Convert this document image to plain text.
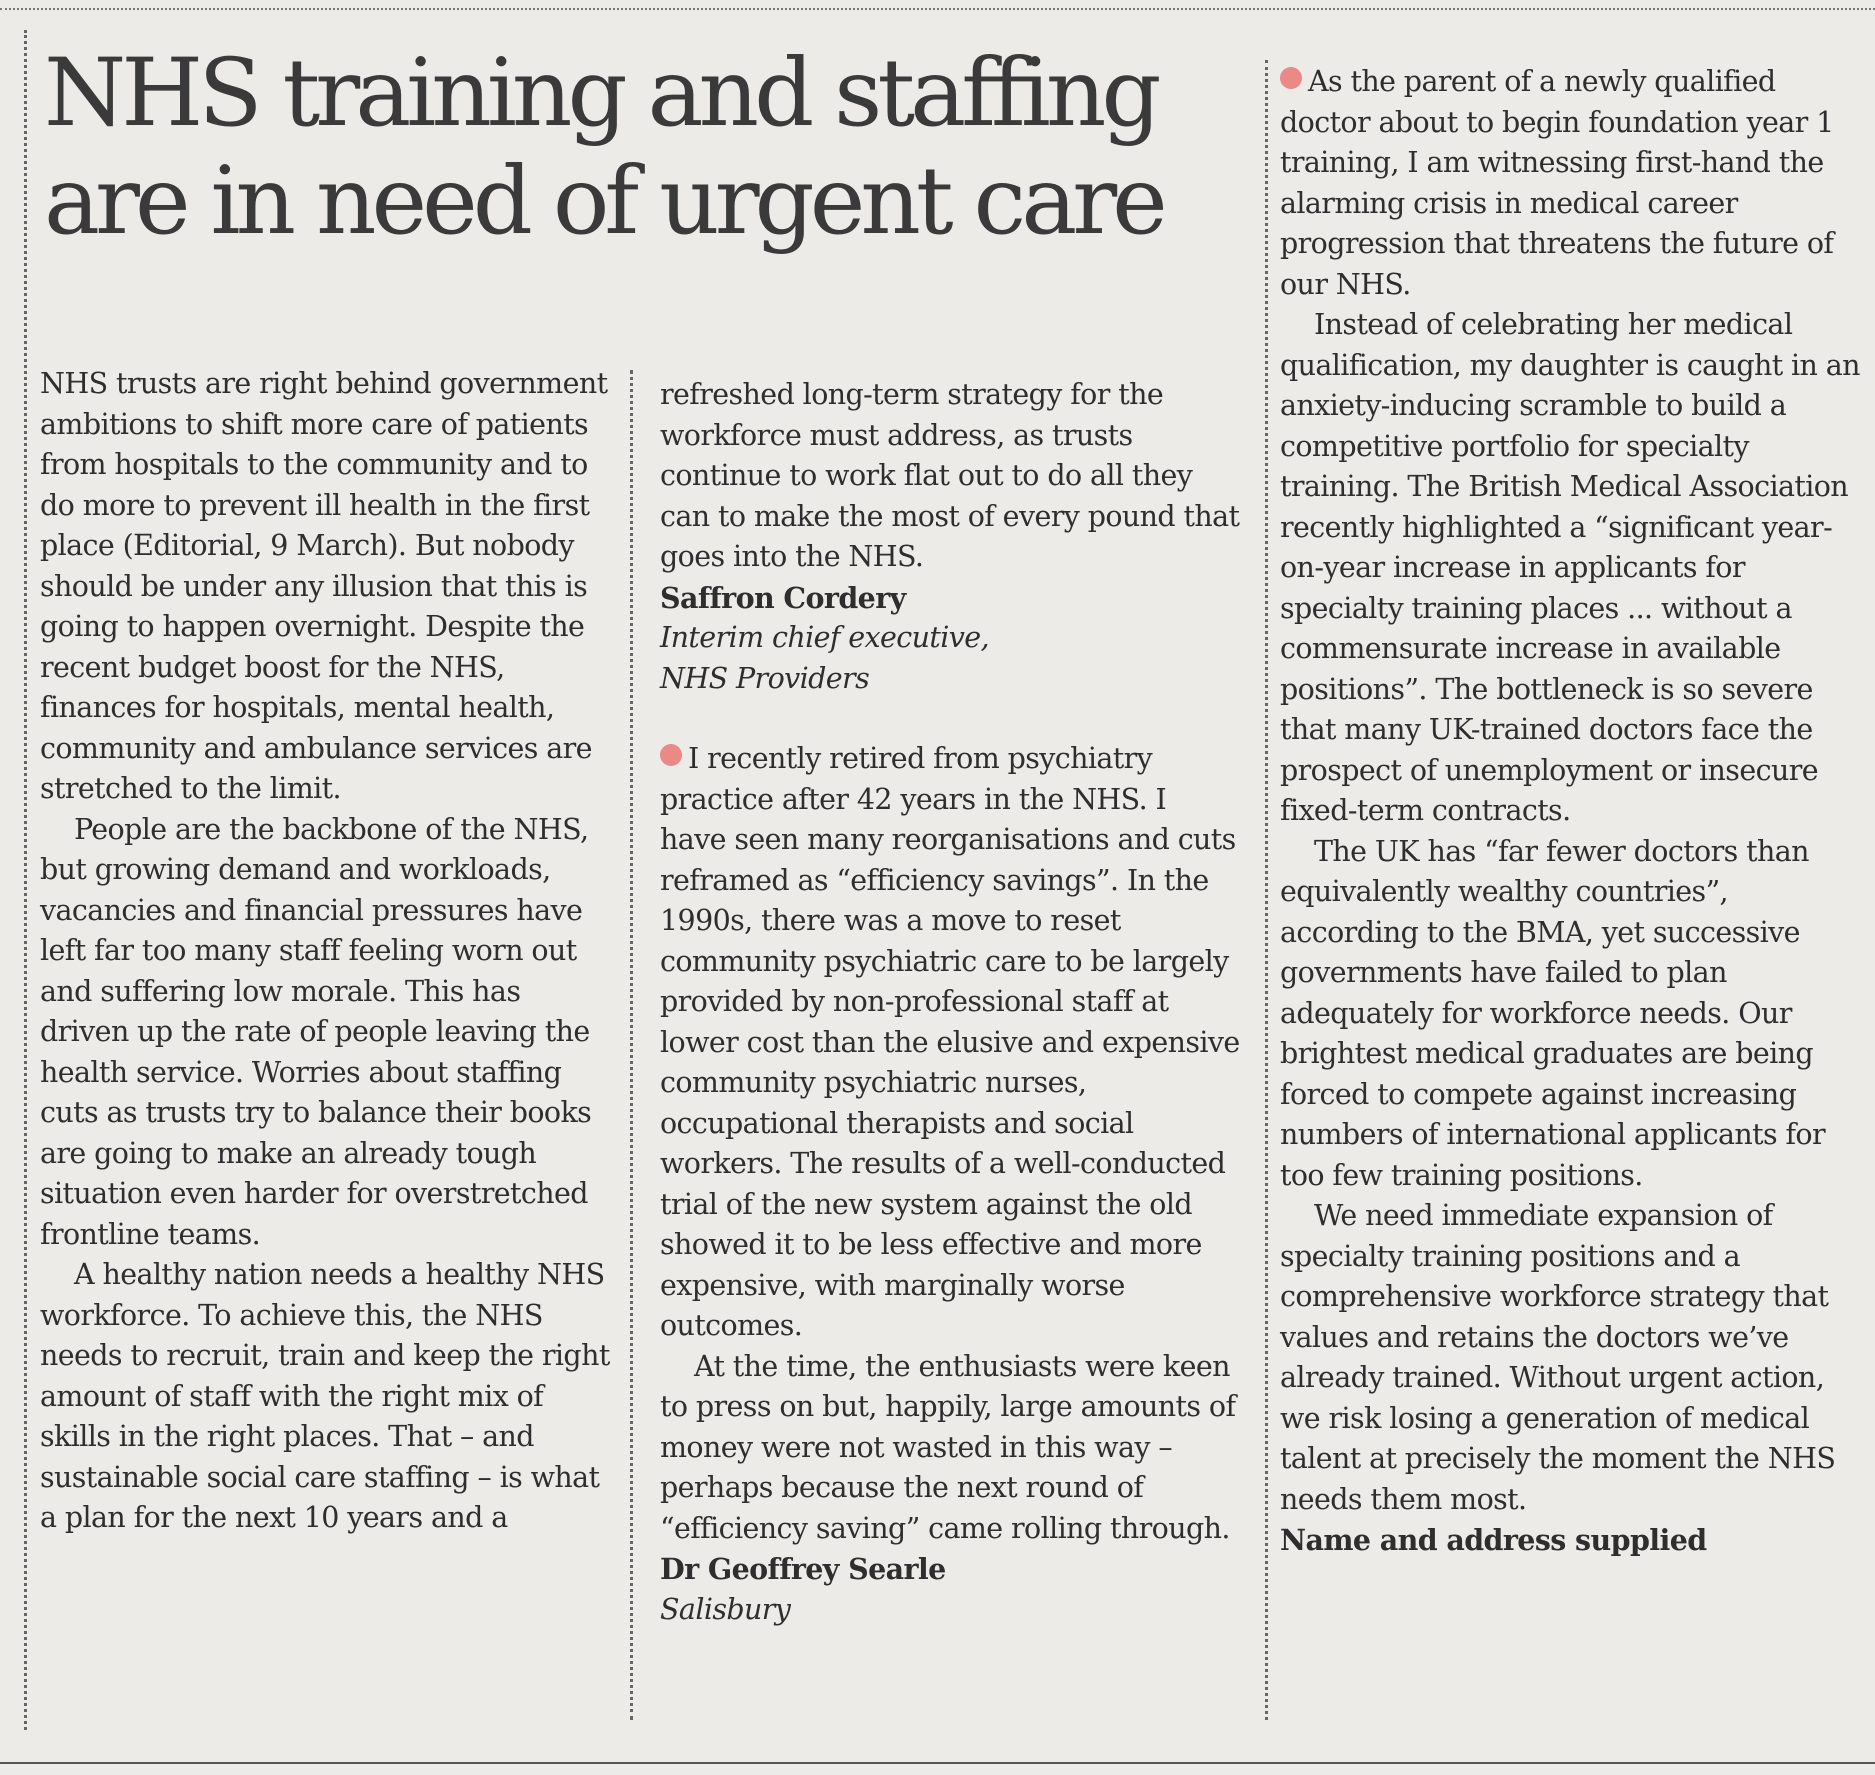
NHS training and staffing are in need of urgent care

NHS trusts are right behind government ambitions to shift more care of patients from hospitals to the community and to do more to prevent ill health in the first place (Editorial, 9 March). But nobody should be under any illusion that this is going to happen overnight. Despite the recent budget boost for the NHS, finances for hospitals, mental health, community and ambulance services are stretched to the limit.

People are the backbone of the NHS, but growing demand and workloads, vacancies and financial pressures have left far too many staff feeling worn out and suffering low morale. This has driven up the rate of people leaving the health service. Worries about staffing cuts as trusts try to balance their books are going to make an already tough situation even harder for overstretched frontline teams.

A healthy nation needs a healthy NHS workforce. To achieve this, the NHS needs to recruit, train and keep the right amount of staff with the right mix of skills in the right places. That – and sustainable social care staffing – is what a plan for the next 10 years and a

refreshed long-term strategy for the workforce must address, as trusts continue to work flat out to do all they can to make the most of every pound that goes into the NHS.

Saffron Cordery

Interim chief executive,

NHS Providers

I recently retired from psychiatry practice after 42 years in the NHS. I have seen many reorganisations and cuts reframed as “efficiency savings”. In the 1990s, there was a move to reset community psychiatric care to be largely provided by non-professional staff at lower cost than the elusive and expensive community psychiatric nurses, occupational therapists and social workers. The results of a well-conducted trial of the new system against the old showed it to be less effective and more expensive, with marginally worse outcomes.

At the time, the enthusiasts were keen to press on but, happily, large amounts of money were not wasted in this way – perhaps because the next round of “efficiency saving” came rolling through.

Dr Geoffrey Searle

Salisbury

As the parent of a newly qualified doctor about to begin foundation year 1 training, I am witnessing first-hand the alarming crisis in medical career progression that threatens the future of our NHS.

Instead of celebrating her medical qualification, my daughter is caught in an anxiety-inducing scramble to build a competitive portfolio for specialty training. The British Medical Association recently highlighted a “significant year-on-year increase in applicants for specialty training places ... without a commensurate increase in available positions”. The bottleneck is so severe that many UK-trained doctors face the prospect of unemployment or insecure fixed-term contracts.

The UK has “far fewer doctors than equivalently wealthy countries”, according to the BMA, yet successive governments have failed to plan adequately for workforce needs. Our brightest medical graduates are being forced to compete against increasing numbers of international applicants for too few training positions.

We need immediate expansion of specialty training positions and a comprehensive workforce strategy that values and retains the doctors we’ve already trained. Without urgent action, we risk losing a generation of medical talent at precisely the moment the NHS needs them most.

Name and address supplied
